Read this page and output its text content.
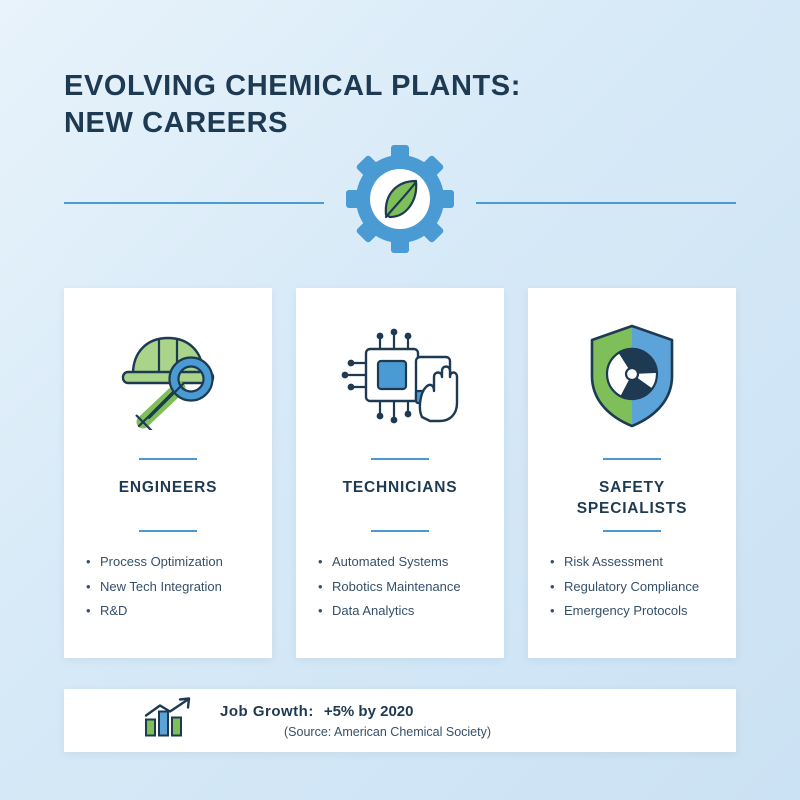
EVOLVING CHEMICAL PLANTS:
NEW CAREERS
ENGINEERS
• Process Optimization
• New Tech Integration
• R&D
TECHNICIANS
• Automated Systems
• Robotics Maintenance
• Data Analytics
SAFETY
SPECIALISTS
• Risk Assessment
• Regulatory Compliance
• Emergency Protocols
Job Growth: +5% by 2020
(Source: American Chemical Society)
